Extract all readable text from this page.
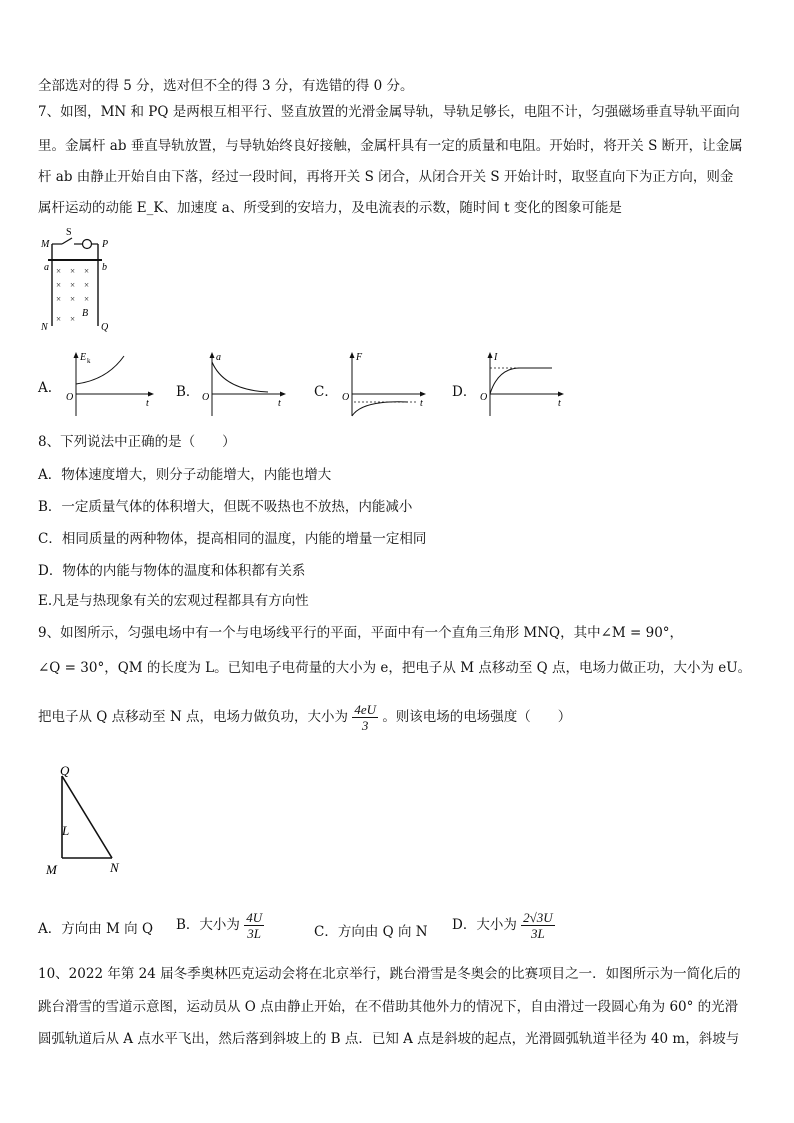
全部选对的得 5 分，选对但不全的得 3 分，有选错的得 0 分。
7、如图，MN 和 PQ 是两根互相平行、竖直放置的光滑金属导轨，导轨足够长，电阻不计，匀强磁场垂直导轨平面向
里。金属杆 ab 垂直导轨放置，与导轨始终良好接触，金属杆具有一定的质量和电阻。开始时，将开关 S 断开，让金属
杆 ab 由静止开始自由下落，经过一段时间，再将开关 S 闭合，从闭合开关 S 开始计时，取竖直向下为正方向，则金
属杆运动的动能 E_K、加速度 a、所受到的安培力，及电流表的示数，随时间 t 变化的图象可能是
× × ×
× × ×
× × ×
× ×
M
S
P
a	b
B
N	Q
A.
E k
O
t
B．
a
O
t
C．
F
O
t
D．
I
O
t
8、下列说法中正确的是（　　）
A．物体速度增大，则分子动能增大，内能也增大
B．一定质量气体的体积增大，但既不吸热也不放热，内能减小
C．相同质量的两种物体，提高相同的温度，内能的增量一定相同
D．物体的内能与物体的温度和体积都有关系
E.凡是与热现象有关的宏观过程都具有方向性
9、如图所示，匀强电场中有一个与电场线平行的平面，平面中有一个直角三角形 MNQ，其中∠M = 90°，
∠Q = 30°，QM 的长度为 L。已知电子电荷量的大小为 e，把电子从 M 点移动至 Q 点，电场力做正功，大小为 eU。
把电子从 Q 点移动至 N 点，电场力做负功，大小为 $\frac{4eU}{3}$ 。则该电场的电场强度（　　）
Q
L
M	N
A．方向由 M 向 Q B．大小为 $\frac{4U}{3L}$	C．方向由 Q 向 N D．大小为 $\frac{2√3U}{3L}$
10、2022 年第 24 届冬季奥林匹克运动会将在北京举行，跳台滑雪是冬奥会的比赛项目之一．如图所示为一简化后的
跳台滑雪的雪道示意图，运动员从 O 点由静止开始，在不借助其他外力的情况下，自由滑过一段圆心角为 60° 的光滑
圆弧轨道后从 A 点水平飞出，然后落到斜坡上的 B 点．已知 A 点是斜坡的起点，光滑圆弧轨道半径为 40 m，斜坡与
